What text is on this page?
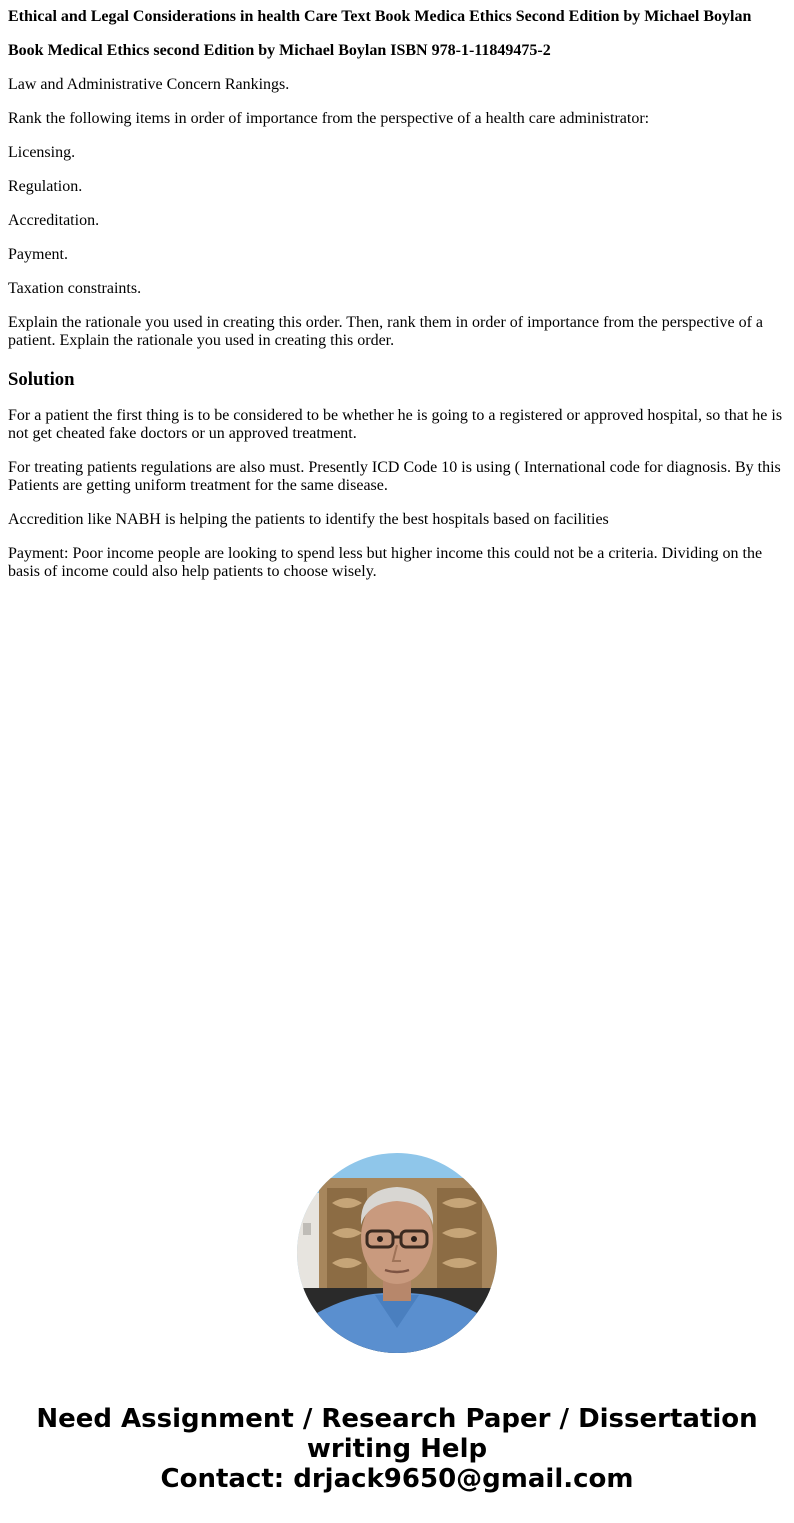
Ethical and Legal Considerations in health Care Text Book Medica Ethics Second Edition by Michael Boylan

Book Medical Ethics second Edition by Michael Boylan ISBN 978-1-11849475-2

Law and Administrative Concern Rankings.

Rank the following items in order of importance from the perspective of a health care administrator:

Licensing.

Regulation.

Accreditation.

Payment.

Taxation constraints.

Explain the rationale you used in creating this order. Then, rank them in order of importance from the perspective of a patient. Explain the rationale you used in creating this order.

Solution

For a patient the first thing is to be considered to be whether he is going to a registered or approved hospital, so that he is not get cheated fake doctors or un approved treatment.

For treating patients regulations are also must. Presently ICD Code 10 is using ( International code for diagnosis. By this Patients are getting uniform treatment for the same disease.

Accredition like NABH is helping the patients to identify the best hospitals based on facilities

Payment: Poor income people are looking to spend less but higher income this could not be a criteria. Dividing on the basis of income could also help patients to choose wisely.

Need Assignment / Research Paper / Dissertation writing Help
Contact: drjack9650@gmail.com
